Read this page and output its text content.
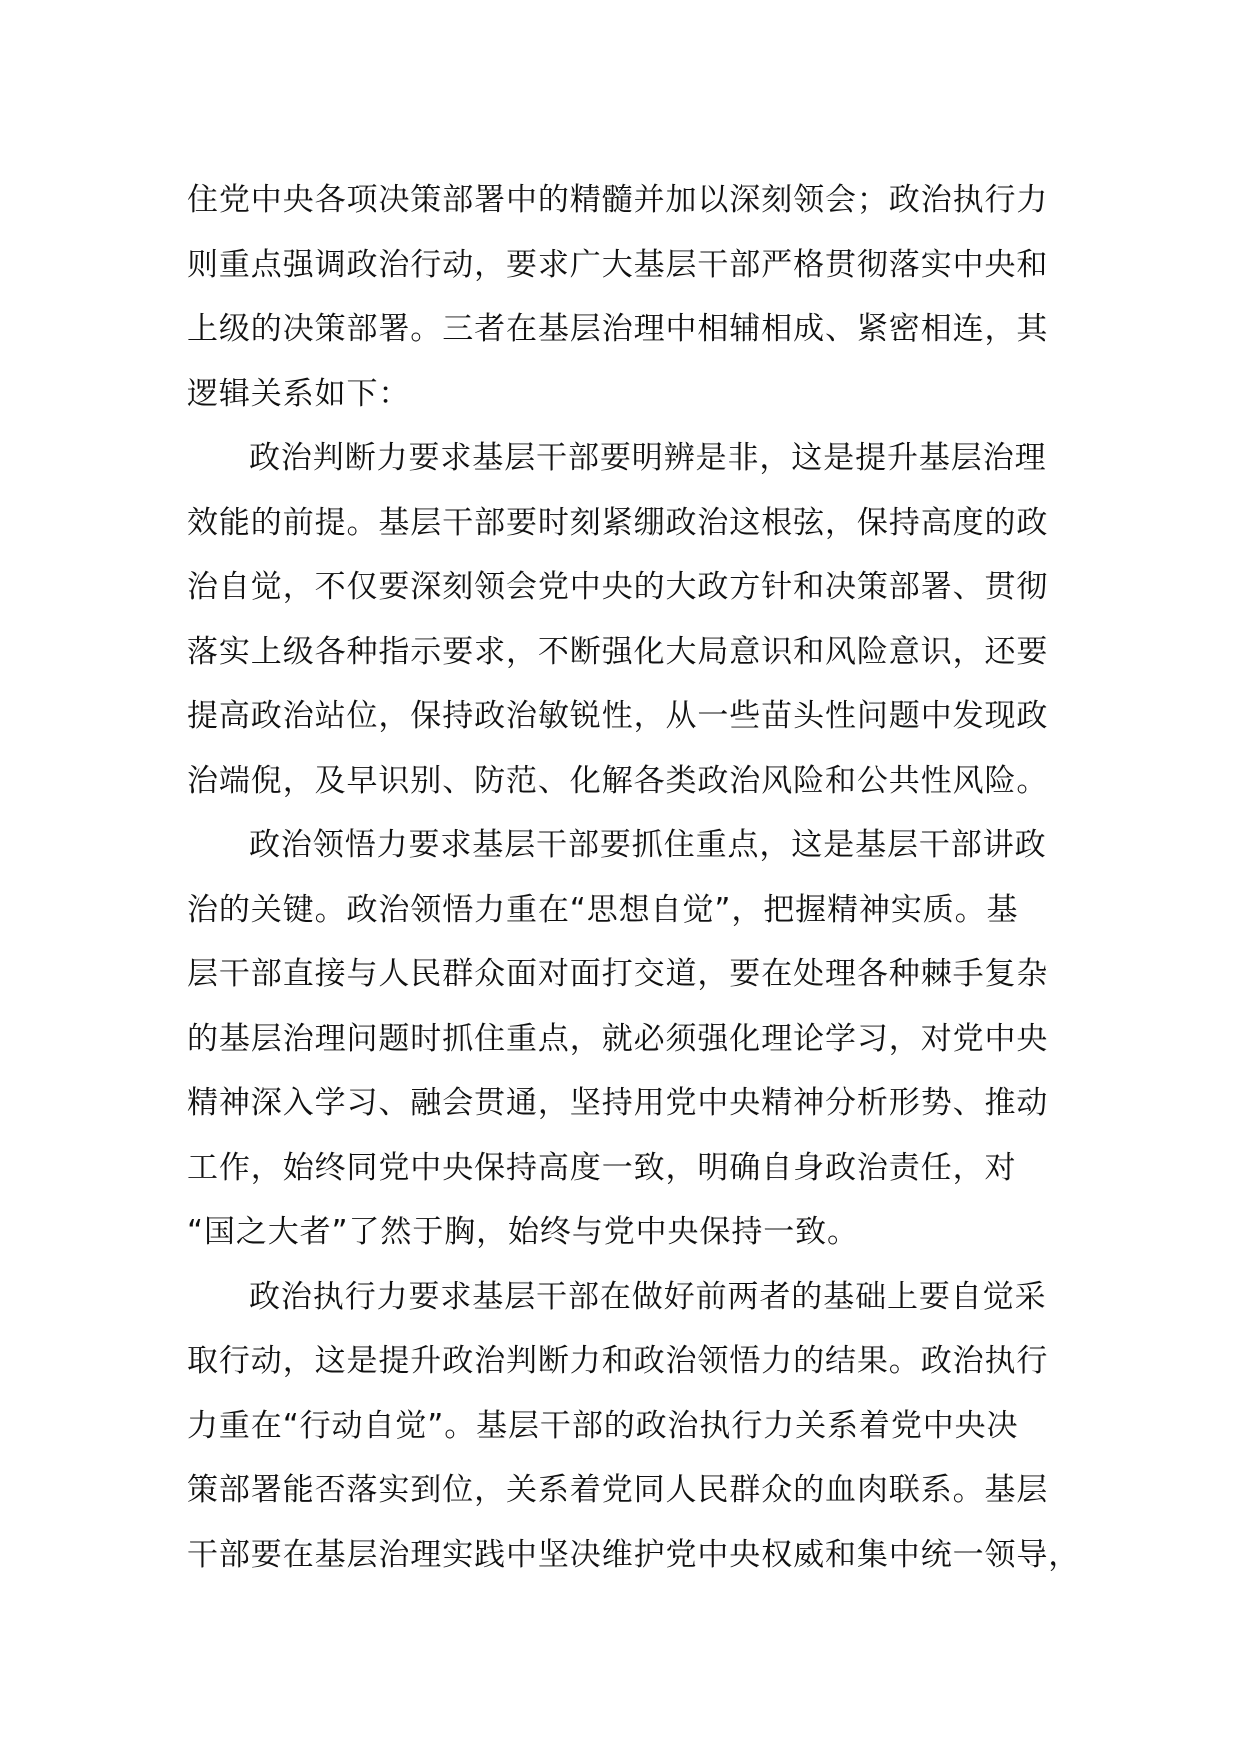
住党中央各项决策部署中的精髓并加以深刻领会；政治执行力
则重点强调政治行动，要求广大基层干部严格贯彻落实中央和
上级的决策部署。三者在基层治理中相辅相成、紧密相连，其
逻辑关系如下：
政治判断力要求基层干部要明辨是非，这是提升基层治理
效能的前提。基层干部要时刻紧绷政治这根弦，保持高度的政
治自觉，不仅要深刻领会党中央的大政方针和决策部署、贯彻
落实上级各种指示要求，不断强化大局意识和风险意识，还要
提高政治站位，保持政治敏锐性，从一些苗头性问题中发现政
治端倪，及早识别、防范、化解各类政治风险和公共性风险。
政治领悟力要求基层干部要抓住重点，这是基层干部讲政
治的关键。政治领悟力重在“思想自觉”，把握精神实质。基
层干部直接与人民群众面对面打交道，要在处理各种棘手复杂
的基层治理问题时抓住重点，就必须强化理论学习，对党中央
精神深入学习、融会贯通，坚持用党中央精神分析形势、推动
工作，始终同党中央保持高度一致，明确自身政治责任，对
“国之大者”了然于胸，始终与党中央保持一致。
政治执行力要求基层干部在做好前两者的基础上要自觉采
取行动，这是提升政治判断力和政治领悟力的结果。政治执行
力重在“行动自觉”。基层干部的政治执行力关系着党中央决
策部署能否落实到位，关系着党同人民群众的血肉联系。基层
干部要在基层治理实践中坚决维护党中央权威和集中统一领导，
